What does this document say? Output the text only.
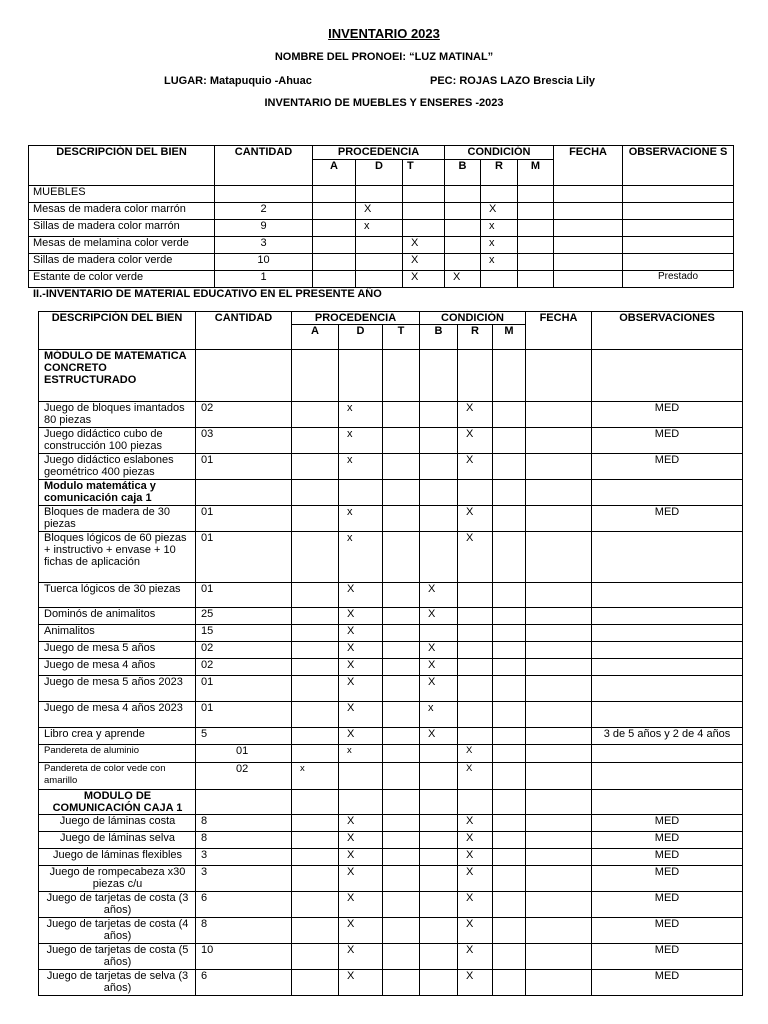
INVENTARIO 2023
NOMBRE DEL PRONOEI: “LUZ MATINAL”
LUGAR: Matapuquio -Ahuac	PEC: ROJAS LAZO Brescia Lily
INVENTARIO DE MUEBLES Y ENSERES -2023
DESCRIPCIÓN DEL BIEN	CANTIDAD	PROCEDENCIA			CONDICIÓN			FECHA	OBSERVACIONE S
		A	D	T	B	R	M		
MUEBLES									
Mesas de madera color marrón	2		X			X			
Sillas de madera color marrón	9		x			x			
Mesas de melamina color verde	3			X		x			
Sillas de madera color verde	10			X		x			
Estante de color verde	1			X	X				Prestado
II.-INVENTARIO DE MATERIAL EDUCATIVO EN EL PRESENTE AÑO
DESCRIPCIÓN DEL BIEN	CANTIDAD	PROCEDENCIA			CONDICIÓN			FECHA	OBSERVACIONES
		A	D	T	B	R	M		
MÓDULO DE MATEMATICA CONCRETO ESTRUCTURADO									
Juego de bloques imantados 80 piezas	02		x			X			MED
Juego didáctico cubo de construcción 100 piezas	03		x			X			MED
Juego didáctico eslabones geométrico 400 piezas	01		x			X			MED
Modulo matemática y comunicación caja 1									
Bloques de madera de 30 piezas	01		x			X			MED
Bloques lógicos de 60 piezas + instructivo + envase + 10 fichas de aplicación	01		x			X			
Tuerca lógicos de 30 piezas	01		X		X				
Dominós de animalitos	25		X		X				
Animalitos	15		X						
Juego de mesa 5 años	02		X		X				
Juego de mesa 4 años	02		X		X				
Juego de mesa 5 años 2023	01		X		X				
Juego de mesa 4 años 2023	01		X		x				
Libro crea y aprende	5		X		X				3 de 5 años y 2 de 4 años
Pandereta de aluminio	01		x			X			
Pandereta de color vede con amarillo	02	x				X			
MODULO DE COMUNICACIÓN CAJA 1									
Juego de láminas costa	8		X			X			MED
Juego de láminas selva	8		X			X			MED
Juego de láminas flexibles	3		X			X			MED
Juego de rompecabeza x30 piezas c/u	3		X			X			MED
Juego de tarjetas de costa (3 años)	6		X			X			MED
Juego de tarjetas de costa (4 años)	8		X			X			MED
Juego de tarjetas de costa (5 años)	10		X			X			MED
Juego de tarjetas de selva (3 años)	6		X			X			MED
